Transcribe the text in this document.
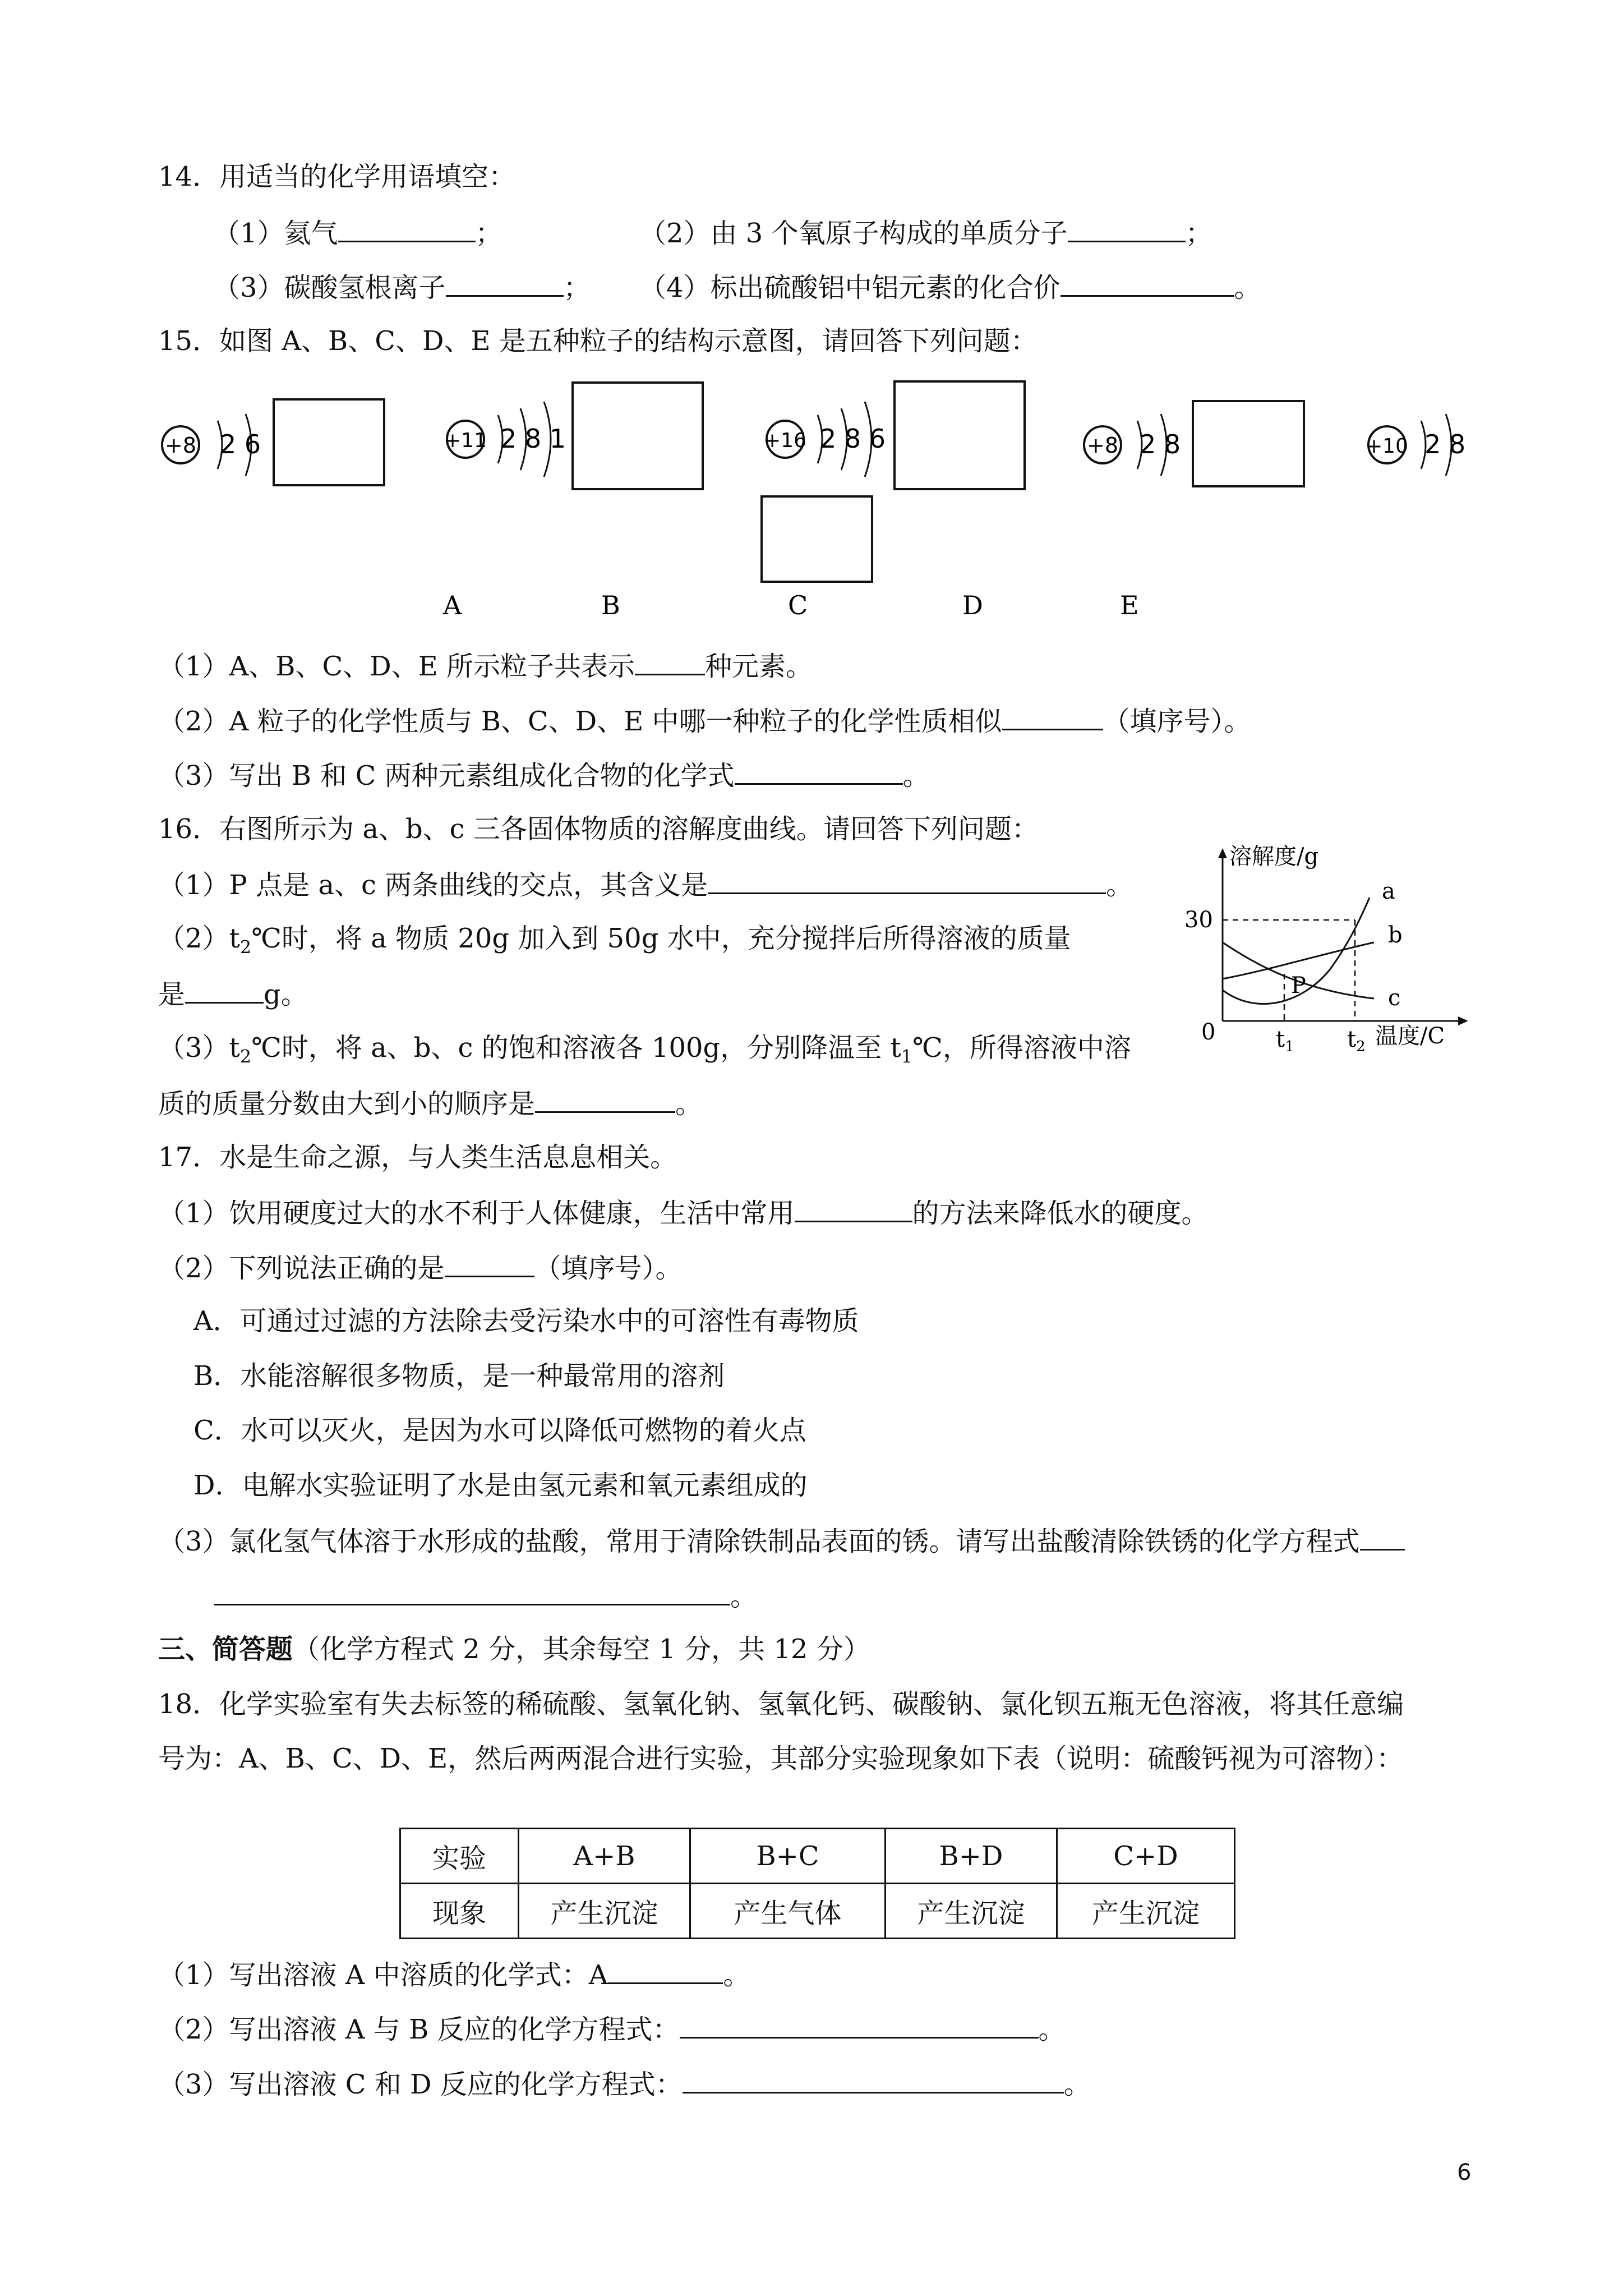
14．用适当的化学用语填空：
（1）氦气	；	（2）由 3 个氧原子构成的单质分子	；
（3）碳酸氢根离子	； （4）标出硫酸铝中铝元素的化合价	。
15．如图 A、B、C、D、E 是五种粒子的结构示意图，请回答下列问题：
+8 2 6	+11 2 8 1	+16 2 8 6	+8 2 8	+10 2 8
A	B	C	D	E
（1）A、B、C、D、E 所示粒子共表示	种元素。
（2）A 粒子的化学性质与 B、C、D、E 中哪一种粒子的化学性质相似	（填序号）。
（3）写出 B 和 C 两种元素组成化合物的化学式	。
16．右图所示为 a、b、c 三各固体物质的溶解度曲线。请回答下列问题：
（1）P 点是 a、c 两条曲线的交点，其含义是	。
$(2)t_2℃$时，将 a 物质 20g 加入到 50g 水中，充分搅拌后所得溶液的质量
是	g。
$(3)t_2℃$时，将 a、b、c 的饱和溶液各 100g，分别降温至 $t_1℃$，所得溶液中溶
质的质量分数由大到小的顺序是	。
溶解度/g
30
0	$t_1$ $t_2$ 温度/C
P
a
b
c
17．水是生命之源，与人类生活息息相关。
（1）饮用硬度过大的水不利于人体健康，生活中常用	的方法来降低水的硬度。
（2）下列说法正确的是	（填序号）。
A．可通过过滤的方法除去受污染水中的可溶性有毒物质
B．水能溶解很多物质，是一种最常用的溶剂
C．水可以灭火，是因为水可以降低可燃物的着火点
D．电解水实验证明了水是由氢元素和氧元素组成的
（3）氯化氢气体溶于水形成的盐酸，常用于清除铁制品表面的锈。请写出盐酸清除铁锈的化学方程式
。
三、简答题（化学方程式 2 分，其余每空 1 分，共 12 分）
18．化学实验室有失去标签的稀硫酸、氢氧化钠、氢氧化钙、碳酸钠、氯化钡五瓶无色溶液，将其任意编
号为：A、B、C、D、E，然后两两混合进行实验，其部分实验现象如下表（说明：硫酸钙视为可溶物）：
实验	A+B	B+C	B+D	C+D
现象	产生沉淀	产生气体	产生沉淀	产生沉淀
（1）写出溶液 A 中溶质的化学式：A	。
（2）写出溶液 A 与 B 反应的化学方程式：	。
（3）写出溶液 C 和 D 反应的化学方程式：	。
6
